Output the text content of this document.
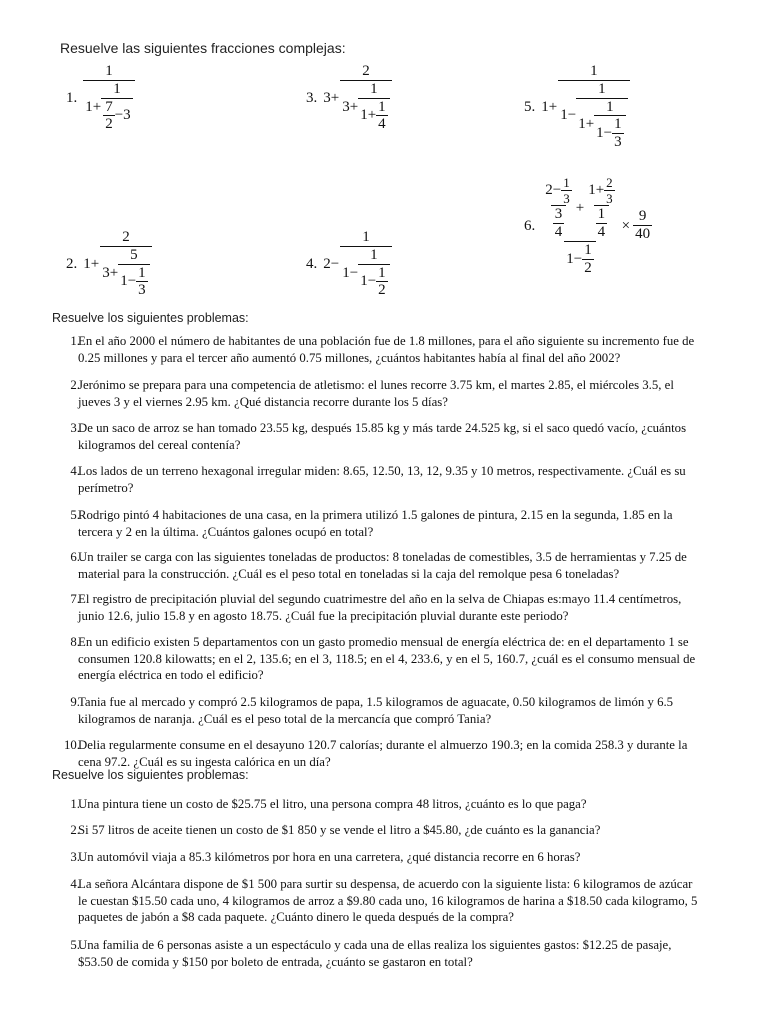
Resuelve las siguientes fracciones complejas:
1.
1
$1+ \frac{1}{\frac{7}{2} -3}$	3. 3+
2
$3+ \frac{1}{1+ \frac{1}{4}}$	5. 1+
1
1−
1
1+
1
$1- \frac{1}{3}$
2. 1+
2
$3+ \frac{5}{1- \frac{1}{3}}$	4. 2−
1
$1- \frac{1}{1- \frac{1}{2}}$
6. $\frac{2- \frac{1}{3}}{\frac{3}{4}} + \frac{1+ \frac{2}{3}}{\frac{1}{4}}$
$1- \frac{1}{2}$
× $\frac{9}{40}$
Resuelve los siguientes problemas:
1.
En el año 2000 el número de habitantes de una población fue de 1.8 millones, para el año siguiente su incremento fue de 0.25 millones y para el tercer año aumentó 0.75 millones, ¿cuántos habitantes había al final del año 2002?
2.
Jerónimo se prepara para una competencia de atletismo: el lunes recorre 3.75 km, el martes 2.85, el miércoles 3.5, el jueves 3 y el viernes 2.95 km. ¿Qué distancia recorre durante los 5 días?
3.
De un saco de arroz se han tomado 23.55 kg, después 15.85 kg y más tarde 24.525 kg, si el saco quedó vacío, ¿cuántos kilogramos del cereal contenía?
4.
Los lados de un terreno hexagonal irregular miden: 8.65, 12.50, 13, 12, 9.35 y 10 metros, respectivamente. ¿Cuál es su perímetro?
5.
Rodrigo pintó 4 habitaciones de una casa, en la primera utilizó 1.5 galones de pintura, 2.15 en la segunda, 1.85 en la tercera y 2 en la última. ¿Cuántos galones ocupó en total?
6.
Un trailer se carga con las siguientes toneladas de productos: 8 toneladas de comestibles, 3.5 de herramientas y 7.25 de material para la construcción. ¿Cuál es el peso total en toneladas si la caja del remolque pesa 6 toneladas?
7.
El registro de precipitación pluvial del segundo cuatrimestre del año en la selva de Chiapas es:mayo 11.4 centímetros, junio 12.6, julio 15.8 y en agosto 18.75. ¿Cuál fue la precipitación pluvial durante este periodo?
8.
En un edificio existen 5 departamentos con un gasto promedio mensual de energía eléctrica de: en el departamento 1 se consumen 120.8 kilowatts; en el 2, 135.6; en el 3, 118.5; en el 4, 233.6, y en el 5, 160.7, ¿cuál es el consumo mensual de energía eléctrica en todo el edificio?
9.
Tania fue al mercado y compró 2.5 kilogramos de papa, 1.5 kilogramos de aguacate, 0.50 kilogramos de limón y 6.5 kilogramos de naranja. ¿Cuál es el peso total de la mercancía que compró Tania?
10.
Delia regularmente consume en el desayuno 120.7 calorías; durante el almuerzo 190.3; en la comida 258.3 y durante la cena 97.2. ¿Cuál es su ingesta calórica en un día?
Resuelve los siguientes problemas:
1.
Una pintura tiene un costo de $25.75 el litro, una persona compra 48 litros, ¿cuánto es lo que paga?
2.
Si 57 litros de aceite tienen un costo de $1 850 y se vende el litro a $45.80, ¿de cuánto es la ganancia?
3.
Un automóvil viaja a 85.3 kilómetros por hora en una carretera, ¿qué distancia recorre en 6 horas?
4.
La señora Alcántara dispone de $1 500 para surtir su despensa, de acuerdo con la siguiente lista: 6 kilogramos de azúcar le cuestan $15.50 cada uno, 4 kilogramos de arroz a $9.80 cada uno, 16 kilogramos de harina a $18.50 cada kilogramo, 5 paquetes de jabón a $8 cada paquete. ¿Cuánto dinero le queda después de la compra?
5.
Una familia de 6 personas asiste a un espectáculo y cada una de ellas realiza los siguientes gastos: $12.25 de pasaje, $53.50 de comida y $150 por boleto de entrada, ¿cuánto se gastaron en total?
